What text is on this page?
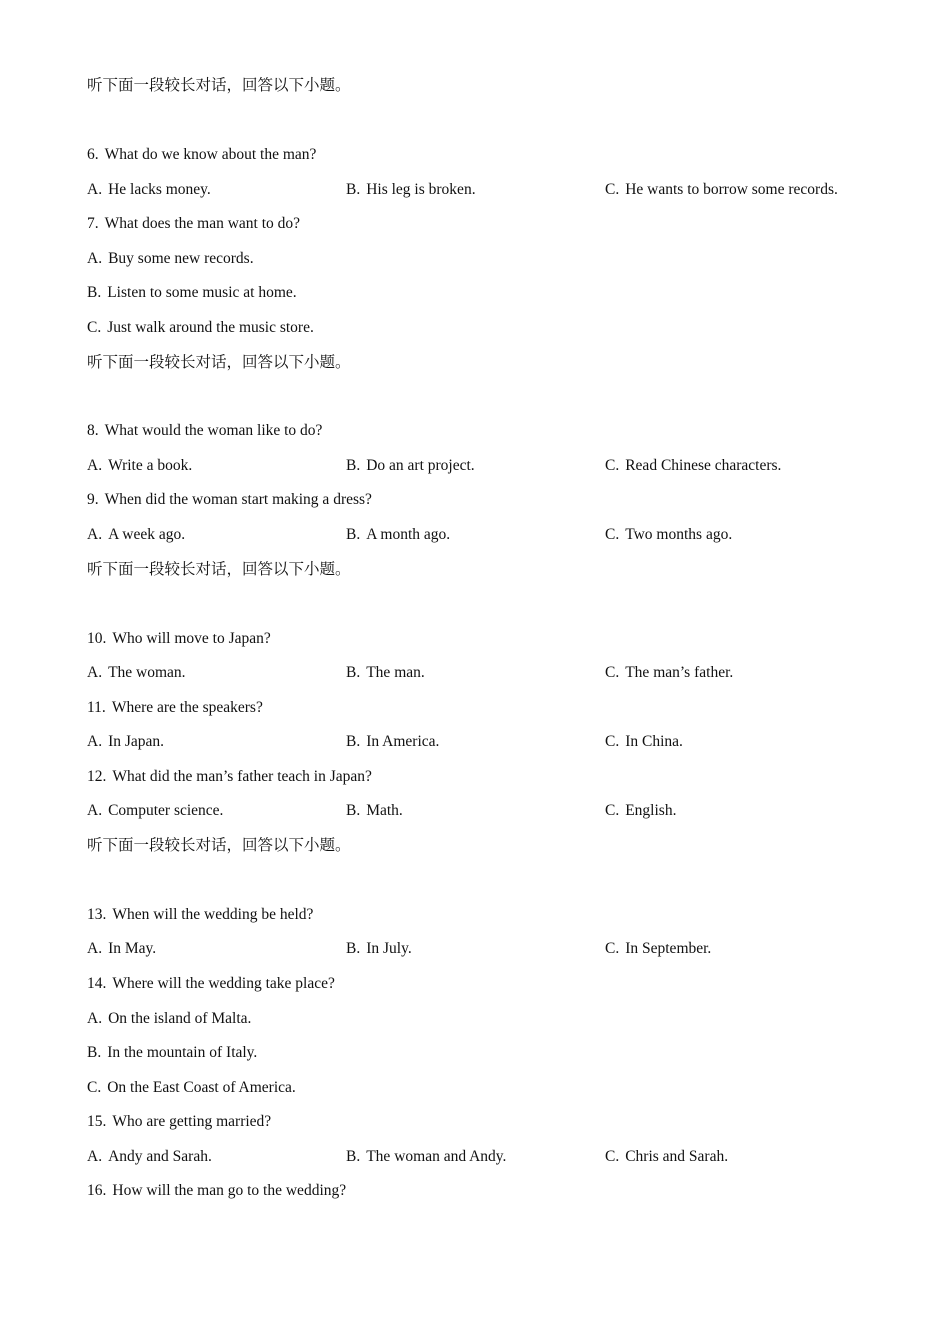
听下面一段较长对话，回答以下小题。
6. What do we know about the man?
A. He lacks money.	B. His leg is broken.	C. He wants to borrow some records.
7. What does the man want to do?
A. Buy some new records.
B. Listen to some music at home.
C. Just walk around the music store.
听下面一段较长对话，回答以下小题。
8. What would the woman like to do?
A. Write a book.	B. Do an art project.	C. Read Chinese characters.
9. When did the woman start making a dress?
A. A week ago.	B. A month ago.	C. Two months ago.
听下面一段较长对话，回答以下小题。
10. Who will move to Japan?
A. The woman.	B. The man.	C. The man’s father.
11. Where are the speakers?
A. In Japan.	B. In America.	C. In China.
12. What did the man’s father teach in Japan?
A. Computer science.	B. Math.	C. English.
听下面一段较长对话，回答以下小题。
13. When will the wedding be held?
A. In May.	B. In July.	C. In September.
14. Where will the wedding take place?
A. On the island of Malta.
B. In the mountain of Italy.
C. On the East Coast of America.
15. Who are getting married?
A. Andy and Sarah.	B. The woman and Andy.	C. Chris and Sarah.
16. How will the man go to the wedding?
